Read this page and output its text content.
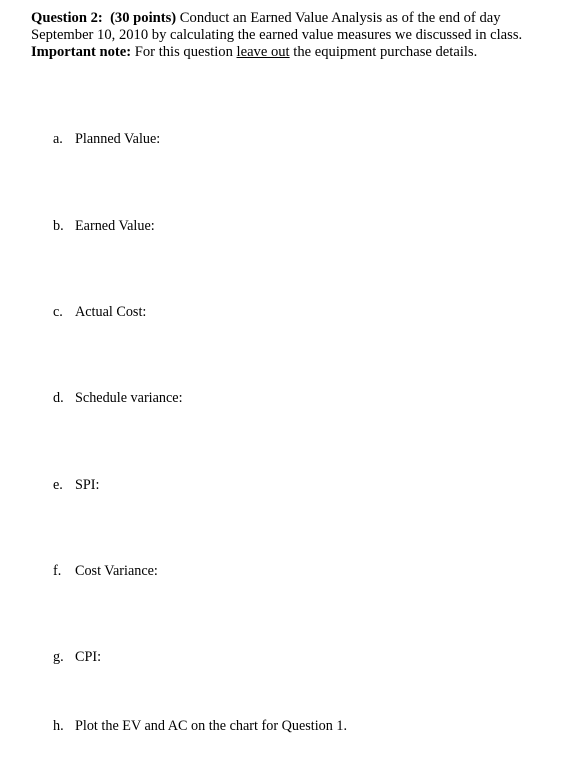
Question 2: (30 points) Conduct an Earned Value Analysis as of the end of day

September 10, 2010 by calculating the earned value measures we discussed in class.

Important note: For this question leave out the equipment purchase details.

a. Planned Value:
b. Earned Value:
c. Actual Cost:
d. Schedule variance:
e. SPI:
f. Cost Variance:
g. CPI:
h. Plot the EV and AC on the chart for Question 1.
